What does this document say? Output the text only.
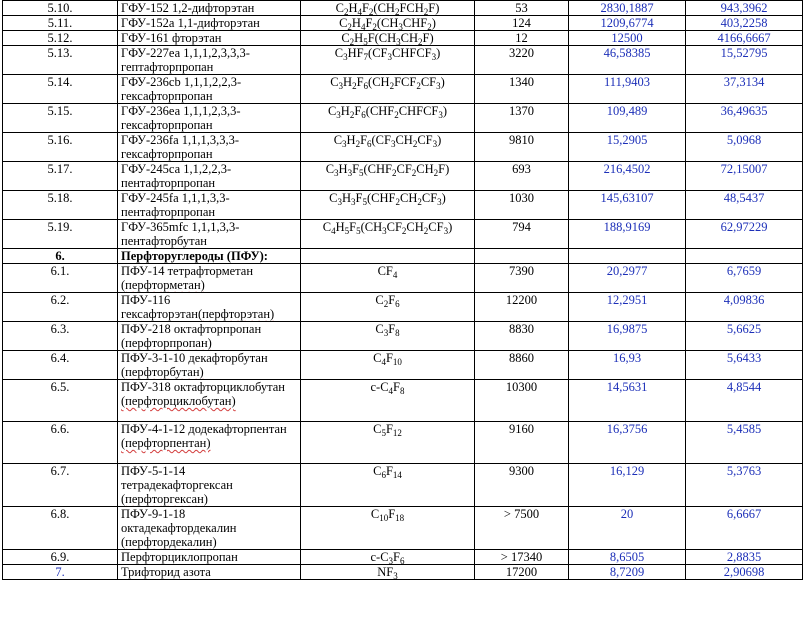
5.10.	ГФУ-152 1,2-дифторэтан	$C_2H_4F_2(CH_2FCH_2F)$	53	2830,1887	943,3962
5.11.	ГФУ-152а 1,1-дифторэтан	$C_2H_4F_2(CH_3CHF_2)$	124	1209,6774	403,2258
5.12.	ГФУ-161 фторэтан	$C_2H_5F(CH_3CH_2F)$	12	12500	4166,6667
5.13.	ГФУ-227еа 1,1,1,2,3,3,3-гептафторпропан	$C_3HF_7(CF_3CHFCF_3)$	3220	46,58385	15,52795
5.14.	ГФУ-236cb 1,1,1,2,2,3-гексафторпропан	$C_3H_2F_6(CH_2FCF_2CF_3)$	1340	111,9403	37,3134
5.15.	ГФУ-236еа 1,1,1,2,3,3-гексафторпропан	$C_3H_2F_6(CHF_2CHFCF_3)$	1370	109,489	36,49635
5.16.	ГФУ-236fa 1,1,1,3,3,3-гексафторпропан	$C_3H_2F_6(CF_3CH_2CF_3)$	9810	15,2905	5,0968
5.17.	ГФУ-245са 1,1,2,2,3-пентафторпропан	$C_3H_3F_5(CHF_2CF_2CH_2F)$	693	216,4502	72,15007
5.18.	ГФУ-245fa 1,1,1,3,3-пентафторпропан	$C_3H_3F_5(CHF_2CH_2CF_3)$	1030	145,63107	48,5437
5.19.	ГФУ-365mfc 1,1,1,3,3-пентафторбутан	$C_4H_5F_5(CH_3CF_2CH_2CF_3)$	794	188,9169	62,97229
6.	Перфторуглероды (ПФУ):				
6.1.	ПФУ-14 тетрафторметан (перфторметан)	$CF_4$	7390	20,2977	6,7659
6.2.	ПФУ-116 гексафторэтан(перфторэтан)	$C_2F_6$	12200	12,2951	4,09836
6.3.	ПФУ-218 октафторпропан (перфторпропан)	$C_3F_8$	8830	16,9875	5,6625
6.4.	ПФУ-3-1-10 декафторбутан (перфторбутан)	$C_4F_{10}$	8860	16,93	5,6433
6.5.	ПФУ-318 октафторциклобутан (перфторциклобутан)	$c-C_4F_8$	10300	14,5631	4,8544
6.6.	ПФУ-4-1-12 додекафторпентан (перфторпентан)	$C_5F_{12}$	9160	16,3756	5,4585
6.7.	ПФУ-5-1-14 тетрадекафторгексан (перфторгексан)	$C_6F_{14}$	9300	16,129	5,3763
6.8.	ПФУ-9-1-18 октадекафтордекалин (перфтордекалин)	$C_{10}F_{18}$	> 7500	20	6,6667
6.9.	Перфторциклопропан	$c-C_3F_6$	> 17340	8,6505	2,8835
7.	Трифторид азота	$NF_3$	17200	8,7209	2,90698
